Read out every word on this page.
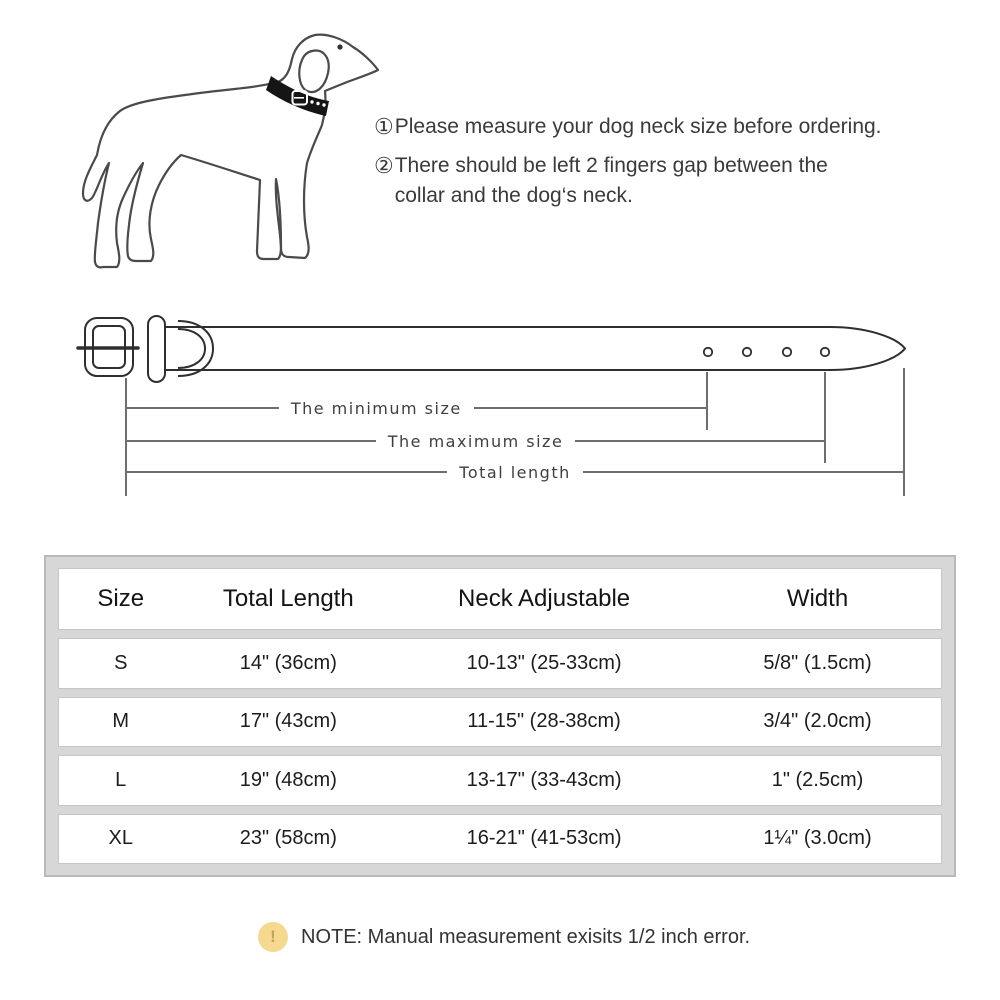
① Please measure your dog neck size before ordering.
② There should be left 2 fingers gap between the
collar and the dog‘s neck.
The minimum size
The maximum size
Total length
Size	Total Length	Neck Adjustable	Width
S	14" (36cm)	10-13" (25-33cm)	5/8" (1.5cm)
M	17" (43cm)	11-15" (28-38cm)	3/4" (2.0cm)
L	19" (48cm)	13-17" (33-43cm)	1" (2.5cm)
XL	23" (58cm)	16-21" (41-53cm)	1¼" (3.0cm)
!	NOTE: Manual measurement exisits 1/2 inch error.
